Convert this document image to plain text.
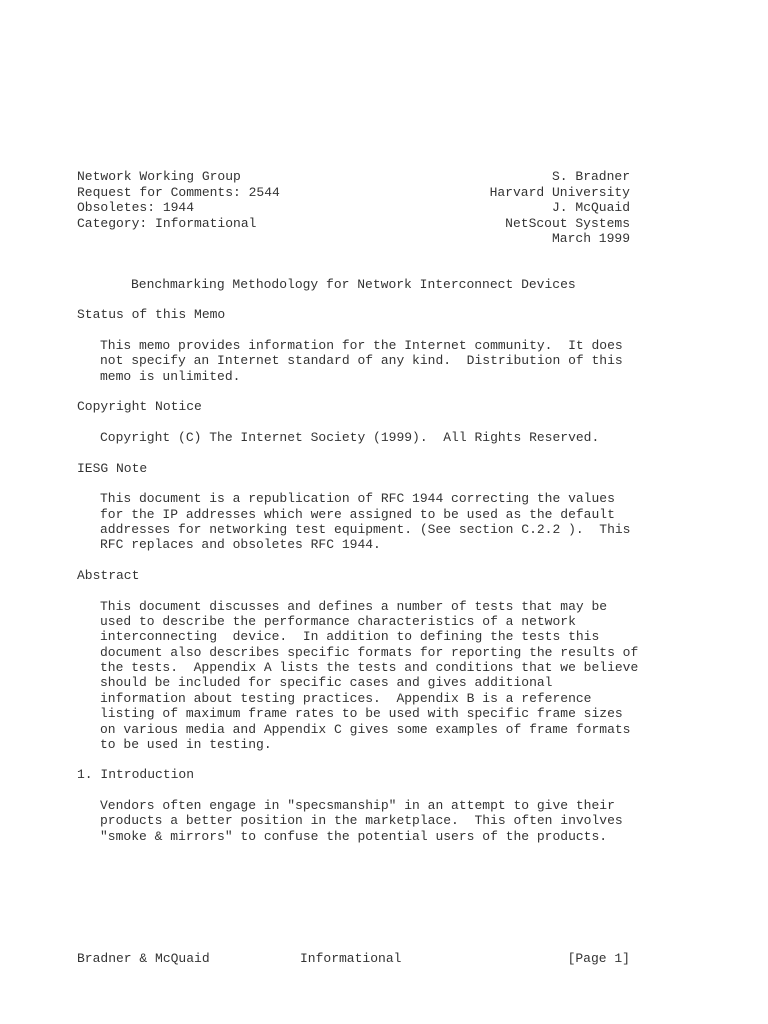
Network Working Group
Request for Comments: 2544
Obsoletes: 1944
Category: Informational
S. Bradner
Harvard University
J. McQuaid
NetScout Systems
March 1999
Benchmarking Methodology for Network Interconnect Devices
Status of this Memo
This memo provides information for the Internet community.  It does
not specify an Internet standard of any kind.  Distribution of this
memo is unlimited.
Copyright Notice
Copyright (C) The Internet Society (1999).  All Rights Reserved.
IESG Note
This document is a republication of RFC 1944 correcting the values
for the IP addresses which were assigned to be used as the default
addresses for networking test equipment. (See section C.2.2 ).  This
RFC replaces and obsoletes RFC 1944.
Abstract
This document discusses and defines a number of tests that may be
used to describe the performance characteristics of a network
interconnecting  device.  In addition to defining the tests this
document also describes specific formats for reporting the results of
the tests.  Appendix A lists the tests and conditions that we believe
should be included for specific cases and gives additional
information about testing practices.  Appendix B is a reference
listing of maximum frame rates to be used with specific frame sizes
on various media and Appendix C gives some examples of frame formats
to be used in testing.
1. Introduction
Vendors often engage in "specsmanship" in an attempt to give their
products a better position in the marketplace.  This often involves
"smoke & mirrors" to confuse the potential users of the products.
Bradner & McQuaid	Informational	[Page 1]
